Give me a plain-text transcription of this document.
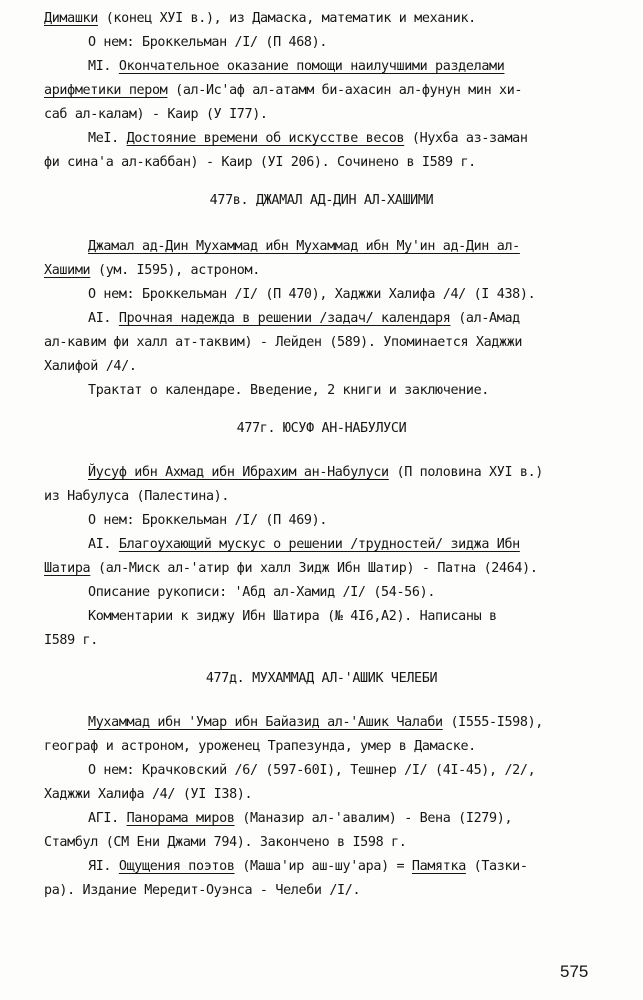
Димашки (конец ХУI в.), из Дамаска, математик и механик.
О нем: Броккельман /I/ (П 468).
МI. Окончательное оказание помощи наилучшими разделами
арифметики пером (ал-Ис'аф ал-атамм би-ахасин ал-фунун мин хи-
саб ал-калам) - Каир (У I77).
МеI. Достояние времени об искусстве весов (Нухба аз-заман
фи сина'а ал-каббан) - Каир (УI 206). Сочинено в I589 г.
477в. ДЖАМАЛ АД-ДИН АЛ-ХАШИМИ
Джамал ад-Дин Мухаммад ибн Мухаммад ибн Му'ин ад-Дин ал-
Хашими (ум. I595), астроном.
О нем: Броккельман /I/ (П 470), Хаджжи Халифа /4/ (I 438).
АI. Прочная надежда в решении /задач/ календаря (ал-Амад
ал-кавим фи халл ат-таквим) - Лейден (589). Упоминается Хаджжи
Халифой /4/.
Трактат о календаре. Введение, 2 книги и заключение.
477г. ЮСУФ АН-НАБУЛУСИ
Йусуф ибн Ахмад ибн Ибрахим ан-Набулуси (П половина ХУI в.)
из Набулуса (Палестина).
О нем: Броккельман /I/ (П 469).
АI. Благоухающий мускус о решении /трудностей/ зиджа Ибн
Шатира (ал-Миск ал-'атир фи халл Зидж Ибн Шатир) - Патна (2464).
Описание рукописи: 'Абд ал-Хамид /I/ (54-56).
Комментарии к зиджу Ибн Шатира (№ 4I6,А2). Написаны в
I589 г.
477д. МУХАММАД АЛ-'АШИК ЧЕЛЕБИ
Мухаммад ибн 'Умар ибн Байазид ал-'Ашик Чалаби (I555-I598),
географ и астроном, уроженец Трапезунда, умер в Дамаске.
О нем: Крачковский /6/ (597-60I), Тешнер /I/ (4I-45), /2/,
Хаджжи Халифа /4/ (УI I38).
АГI. Панорама миров (Маназир ал-'авалим) - Вена (I279),
Стамбул (СМ Ени Джами 794). Закончено в I598 г.
ЯI. Ощущения поэтов (Маша'ир аш-шу'ара) = Памятка (Тазки-
ра). Издание Мередит-Оуэнса - Челеби /I/.
575
